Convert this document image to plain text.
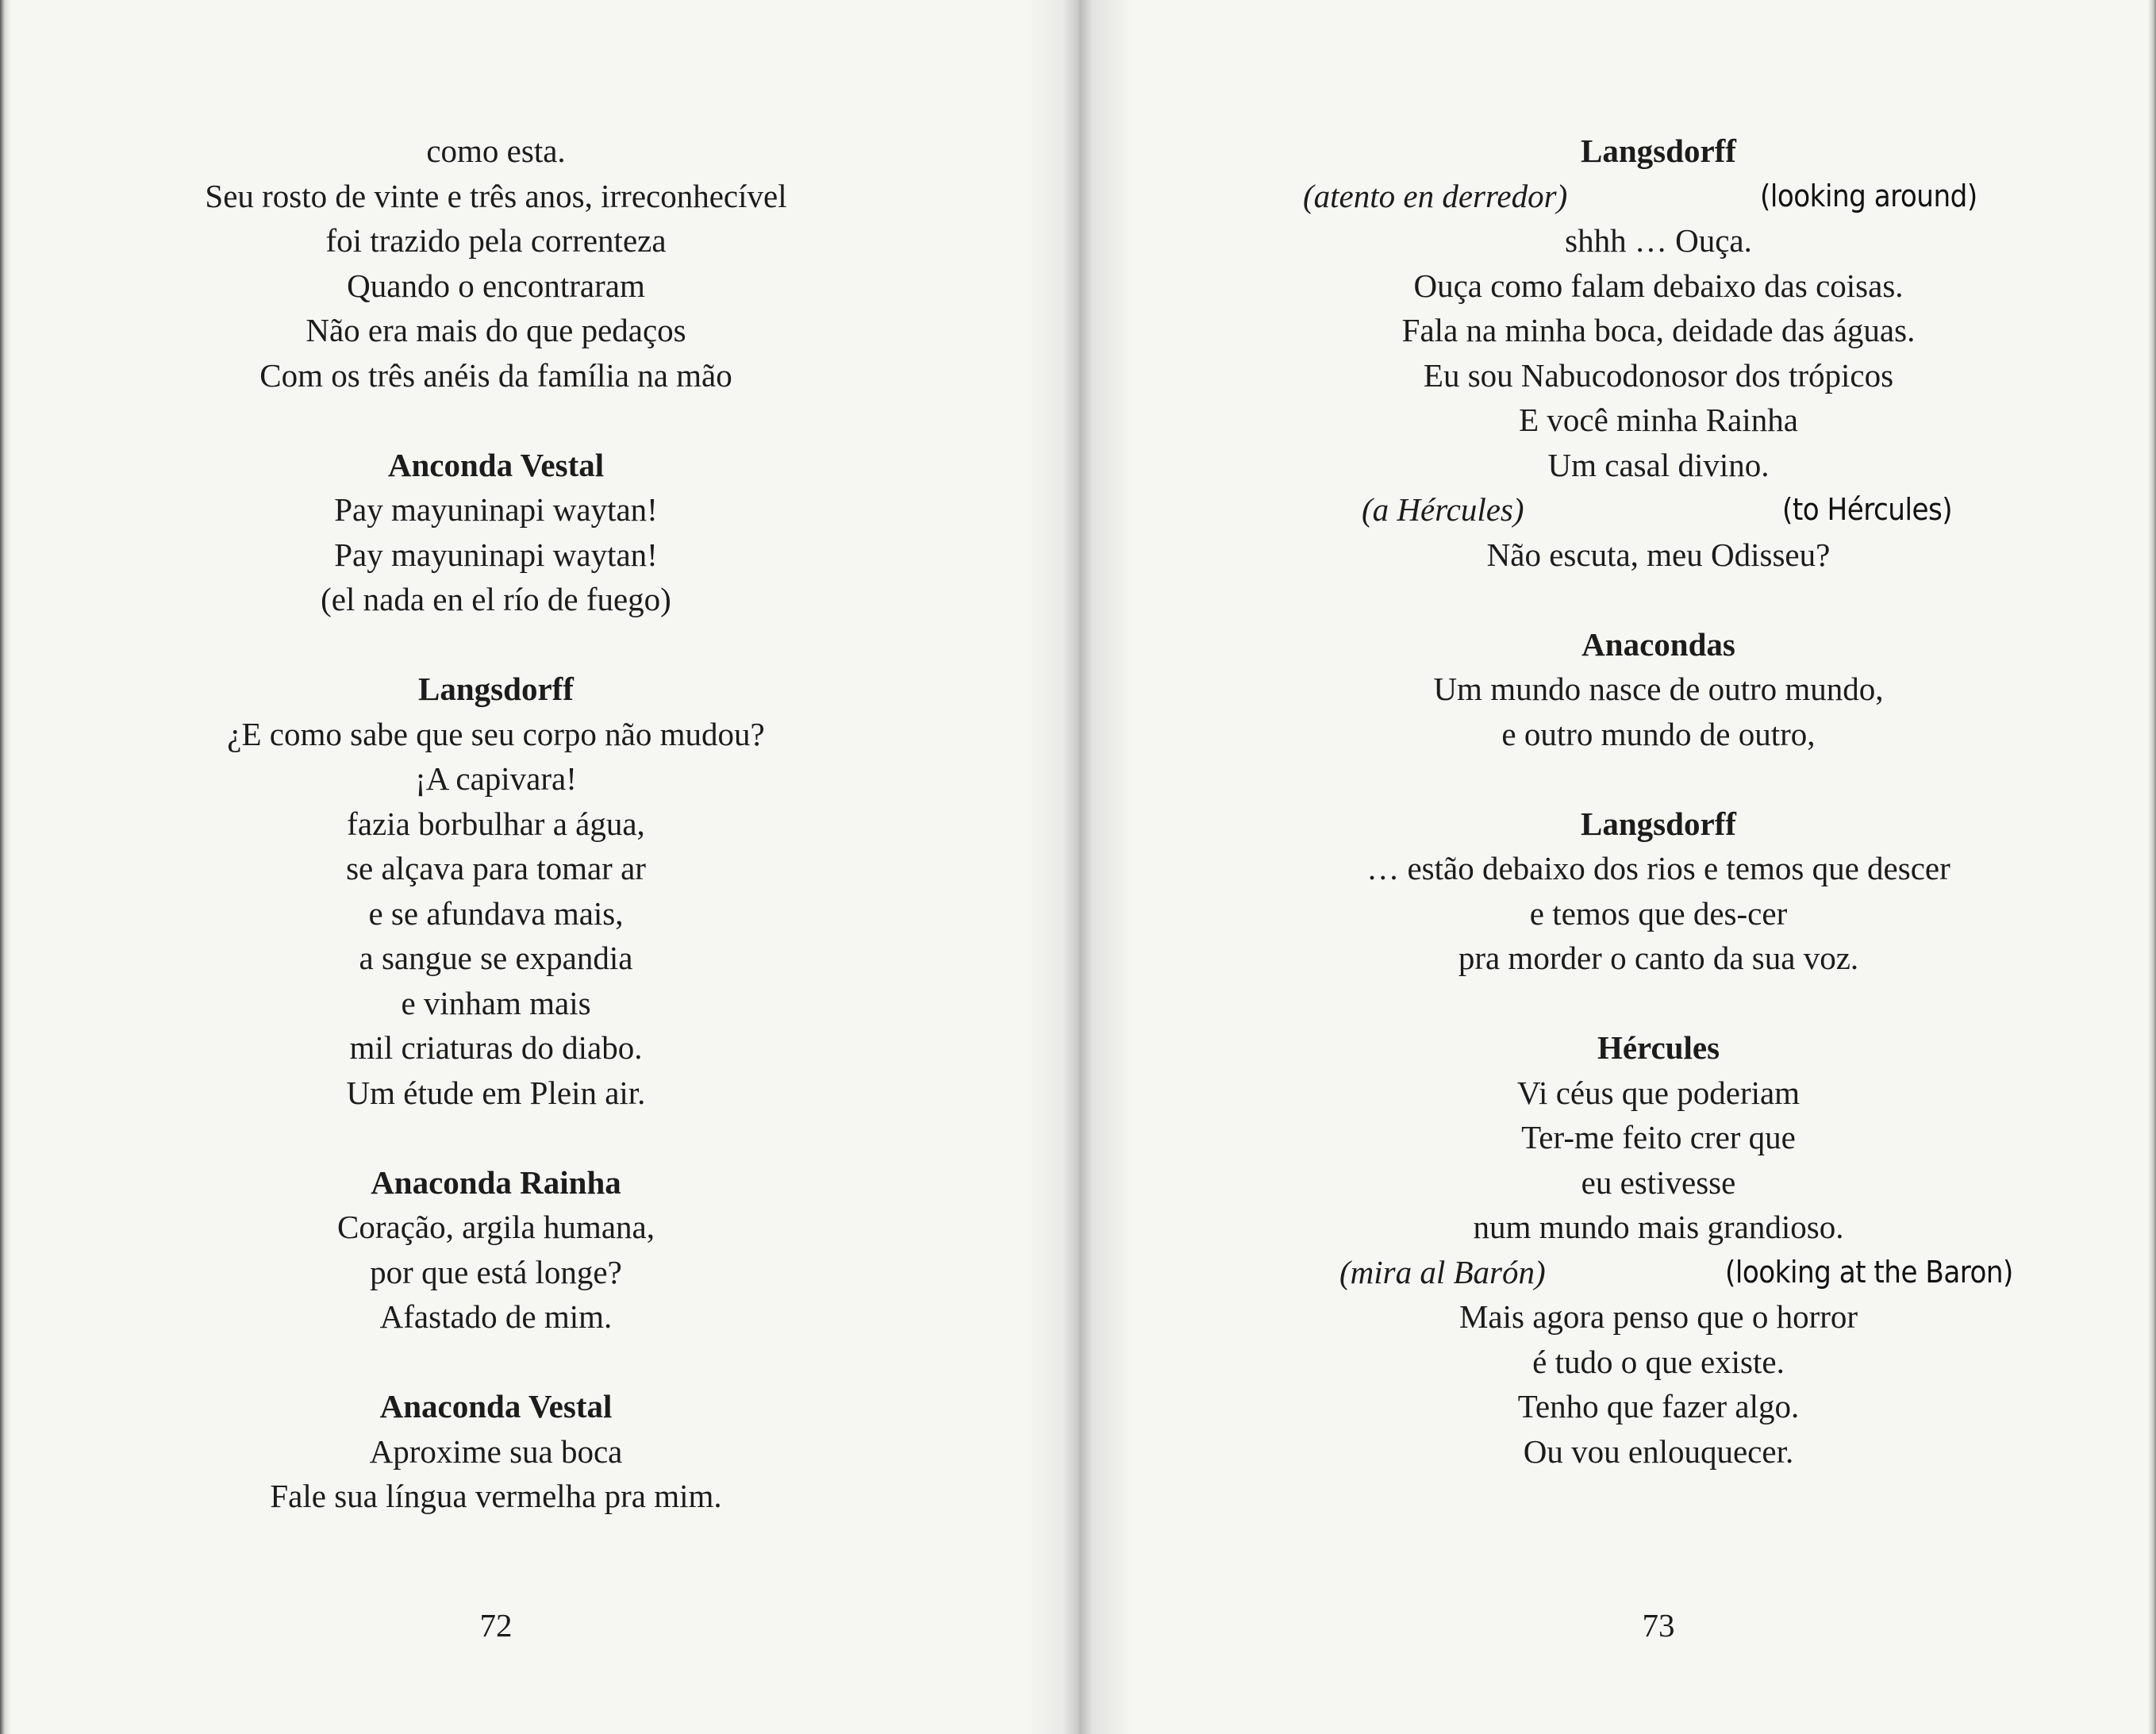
como esta.
Seu rosto de vinte e três anos, irreconhecível
foi trazido pela correnteza
Quando o encontraram
Não era mais do que pedaços
Com os três anéis da família na mão
Anconda Vestal
Pay mayuninapi waytan!
Pay mayuninapi waytan!
(el nada en el río de fuego)
Langsdorff
¿E como sabe que seu corpo não mudou?
¡A capivara!
fazia borbulhar a água,
se alçava para tomar ar
e se afundava mais,
a sangue se expandia
e vinham mais
mil criaturas do diabo.
Um étude em Plein air.
Anaconda Rainha
Coração, argila humana,
por que está longe?
Afastado de mim.
Anaconda Vestal
Aproxime sua boca
Fale sua língua vermelha pra mim.
72	73
Langsdorff
(atento en derredor)	(looking around)
shhh … Ouça.
Ouça como falam debaixo das coisas.
Fala na minha boca, deidade das águas.
Eu sou Nabucodonosor dos trópicos
E você minha Rainha
Um casal divino.
(a Hércules)	(to Hércules)
Não escuta, meu Odisseu?
Anacondas
Um mundo nasce de outro mundo,
e outro mundo de outro,
Langsdorff
… estão debaixo dos rios e temos que descer
e temos que des-cer
pra morder o canto da sua voz.
Hércules
Vi céus que poderiam
Ter-me feito crer que
eu estivesse
num mundo mais grandioso.
(mira al Barón)	(looking at the Baron)
Mais agora penso que o horror
é tudo o que existe.
Tenho que fazer algo.
Ou vou enlouquecer.
